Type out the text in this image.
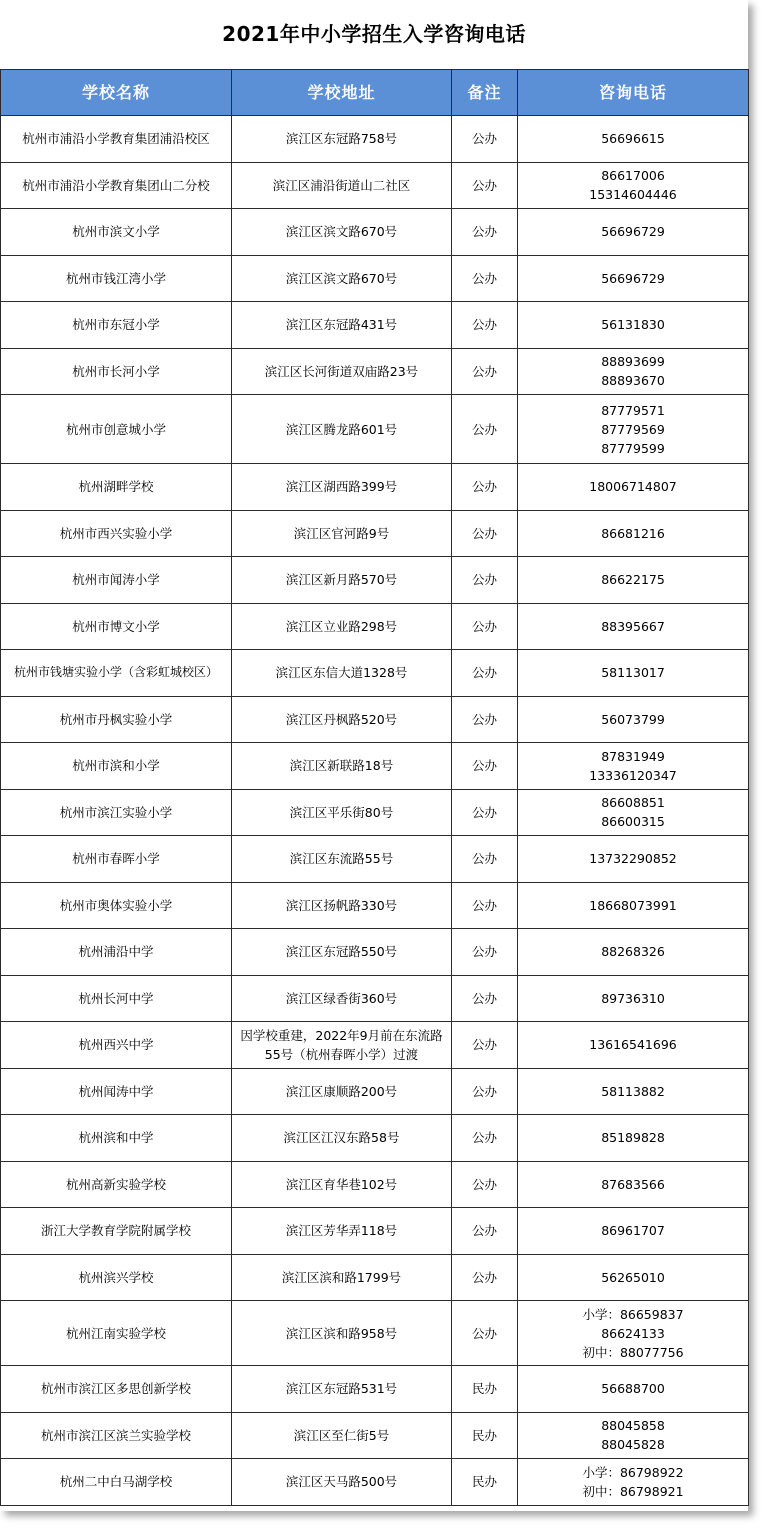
2021年中小学招生入学咨询电话
学校名称	学校地址	备注	咨询电话
杭州市浦沿小学教育集团浦沿校区	滨江区东冠路758号	公办	56696615

杭州市浦沿小学教育集团山二分校	滨江区浦沿街道山二社区	公办	86617006
15314604446

杭州市滨文小学	滨江区滨文路670号	公办	56696729

杭州市钱江湾小学	滨江区滨文路670号	公办	56696729

杭州市东冠小学	滨江区东冠路431号	公办	56131830

杭州市长河小学	滨江区长河街道双庙路23号	公办	88893699
88893670

杭州市创意城小学	滨江区腾龙路601号	公办	87779571
87779569
87779599

杭州湖畔学校	滨江区湖西路399号	公办	18006714807

杭州市西兴实验小学	滨江区官河路9号	公办	86681216

杭州市闻涛小学	滨江区新月路570号	公办	86622175

杭州市博文小学	滨江区立业路298号	公办	88395667

杭州市钱塘实验小学（含彩虹城校区）	滨江区东信大道1328号	公办	58113017

杭州市丹枫实验小学	滨江区丹枫路520号	公办	56073799

杭州市滨和小学	滨江区新联路18号	公办	87831949
13336120347

杭州市滨江实验小学	滨江区平乐街80号	公办	86608851
86600315

杭州市春晖小学	滨江区东流路55号	公办	13732290852

杭州市奥体实验小学	滨江区扬帆路330号	公办	18668073991

杭州浦沿中学	滨江区东冠路550号	公办	88268326

杭州长河中学	滨江区绿香街360号	公办	89736310

杭州西兴中学	因学校重建，2022年9月前在东流路55号（杭州春晖小学）过渡	公办	13616541696

杭州闻涛中学	滨江区康顺路200号	公办	58113882

杭州滨和中学	滨江区江汉东路58号	公办	85189828

杭州高新实验学校	滨江区育华巷102号	公办	87683566

浙江大学教育学院附属学校	滨江区芳华弄118号	公办	86961707

杭州滨兴学校	滨江区滨和路1799号	公办	56265010

杭州江南实验学校	滨江区滨和路958号	公办	小学：86659837
86624133
初中：88077756

杭州市滨江区多思创新学校	滨江区东冠路531号	民办	56688700

杭州市滨江区滨兰实验学校	滨江区至仁街5号	民办	88045858
88045828

杭州二中白马湖学校	滨江区天马路500号	民办	小学：86798922
初中：86798921
